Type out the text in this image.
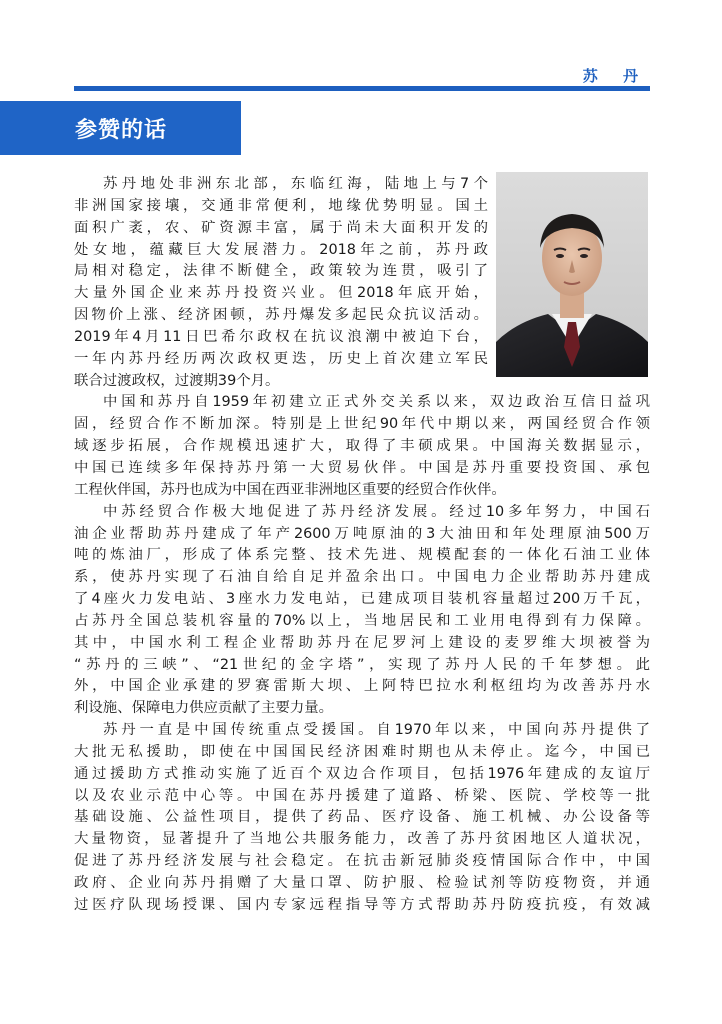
苏 丹
参赞的话
苏丹地处非洲东北部，东临红海，陆地上与7个
非洲国家接壤，交通非常便利，地缘优势明显。国土
面积广袤，农、矿资源丰富，属于尚未大面积开发的
处女地，蕴藏巨大发展潜力。2018年之前，苏丹政
局相对稳定，法律不断健全，政策较为连贯，吸引了
大量外国企业来苏丹投资兴业。但2018年底开始，
因物价上涨、经济困顿，苏丹爆发多起民众抗议活动。
2019年4月11日巴希尔政权在抗议浪潮中被迫下台，
一年内苏丹经历两次政权更迭，历史上首次建立军民
联合过渡政权，过渡期39个月。
中国和苏丹自1959年初建立正式外交关系以来，双边政治互信日益巩
固，经贸合作不断加深。特别是上世纪90年代中期以来，两国经贸合作领
域逐步拓展，合作规模迅速扩大，取得了丰硕成果。中国海关数据显示，
中国已连续多年保持苏丹第一大贸易伙伴。中国是苏丹重要投资国、承包
工程伙伴国，苏丹也成为中国在西亚非洲地区重要的经贸合作伙伴。
中苏经贸合作极大地促进了苏丹经济发展。经过10多年努力，中国石
油企业帮助苏丹建成了年产2600万吨原油的3大油田和年处理原油500万
吨的炼油厂，形成了体系完整、技术先进、规模配套的一体化石油工业体
系，使苏丹实现了石油自给自足并盈余出口。中国电力企业帮助苏丹建成
了4座火力发电站、3座水力发电站，已建成项目装机容量超过200万千瓦，
占苏丹全国总装机容量的70%以上，当地居民和工业用电得到有力保障。
其中，中国水利工程企业帮助苏丹在尼罗河上建设的麦罗维大坝被誉为
“苏丹的三峡”、“21世纪的金字塔”，实现了苏丹人民的千年梦想。此
外，中国企业承建的罗赛雷斯大坝、上阿特巴拉水利枢纽均为改善苏丹水
利设施、保障电力供应贡献了主要力量。
苏丹一直是中国传统重点受援国。自1970年以来，中国向苏丹提供了
大批无私援助，即使在中国国民经济困难时期也从未停止。迄今，中国已
通过援助方式推动实施了近百个双边合作项目，包括1976年建成的友谊厅
以及农业示范中心等。中国在苏丹援建了道路、桥梁、医院、学校等一批
基础设施、公益性项目，提供了药品、医疗设备、施工机械、办公设备等
大量物资，显著提升了当地公共服务能力，改善了苏丹贫困地区人道状况，
促进了苏丹经济发展与社会稳定。在抗击新冠肺炎疫情国际合作中，中国
政府、企业向苏丹捐赠了大量口罩、防护服、检验试剂等防疫物资，并通
过医疗队现场授课、国内专家远程指导等方式帮助苏丹防疫抗疫，有效减
